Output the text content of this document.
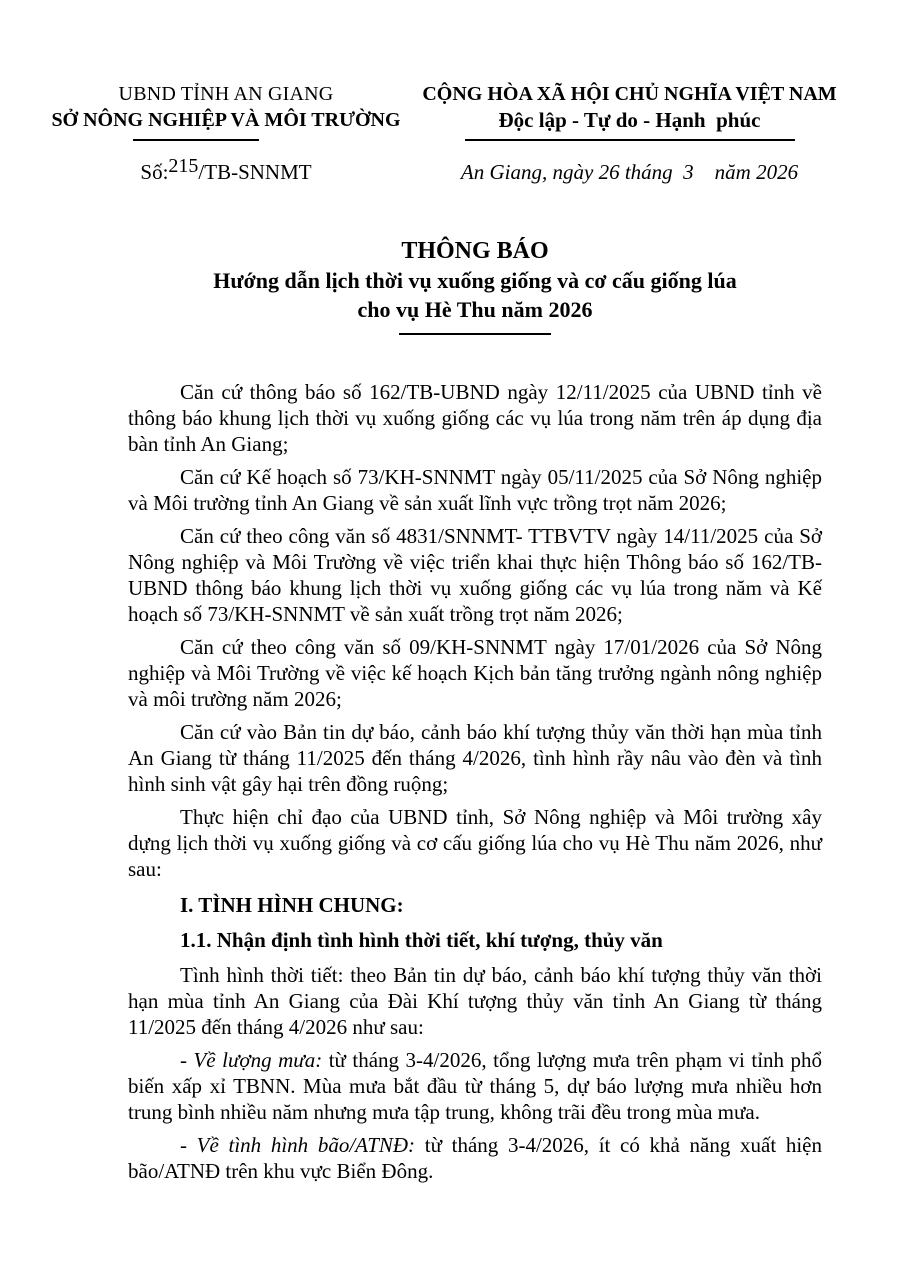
UBND TỈNH AN GIANG
SỞ NÔNG NGHIỆP VÀ MÔI TRƯỜNG
CỘNG HÒA XÃ HỘI CHỦ NGHĨA VIỆT NAM
Độc lập - Tự do - Hạnh  phúc
Số:215/TB-SNNMT	An Giang, ngày 26 tháng  3    năm 2026
THÔNG BÁO
Hướng dẫn lịch thời vụ xuống giống và cơ cấu giống lúa
cho vụ Hè Thu năm 2026

Căn cứ thông báo số 162/TB-UBND ngày 12/11/2025 của UBND tỉnh về thông báo khung lịch thời vụ xuống giống các vụ lúa trong năm trên áp dụng địa bàn tỉnh An Giang;

Căn cứ Kế hoạch số 73/KH-SNNMT ngày 05/11/2025 của Sở Nông nghiệp và Môi trường tỉnh An Giang về sản xuất lĩnh vực trồng trọt năm 2026;

Căn cứ theo công văn số 4831/SNNMT- TTBVTV ngày 14/11/2025 của Sở Nông nghiệp và Môi Trường về việc triển khai thực hiện Thông báo số 162/TB-UBND thông báo khung lịch thời vụ xuống giống các vụ lúa trong năm và Kế hoạch số 73/KH-SNNMT về sản xuất trồng trọt năm 2026;

Căn cứ theo công văn số 09/KH-SNNMT ngày 17/01/2026 của Sở Nông nghiệp và Môi Trường về việc kế hoạch Kịch bản tăng trưởng ngành nông nghiệp và môi trường năm 2026;

Căn cứ vào Bản tin dự báo, cảnh báo khí tượng thủy văn thời hạn mùa tỉnh An Giang từ tháng 11/2025 đến tháng 4/2026, tình hình rầy nâu vào đèn và tình hình sinh vật gây hại trên đồng ruộng;

Thực hiện chỉ đạo của UBND tỉnh, Sở Nông nghiệp và Môi trường xây dựng lịch thời vụ xuống giống và cơ cấu giống lúa cho vụ Hè Thu năm 2026, như sau:

I. TÌNH HÌNH CHUNG:
1.1. Nhận định tình hình thời tiết, khí tượng, thủy văn

Tình hình thời tiết: theo Bản tin dự báo, cảnh báo khí tượng thủy văn thời hạn mùa tỉnh An Giang của Đài Khí tượng thủy văn tỉnh An Giang từ tháng 11/2025 đến tháng 4/2026 như sau:

- Về lượng mưa: từ tháng 3-4/2026, tổng lượng mưa trên phạm vi tỉnh phổ biến xấp xỉ TBNN. Mùa mưa bắt đầu từ tháng 5, dự báo lượng mưa nhiều hơn trung bình nhiều năm nhưng mưa tập trung, không trãi đều trong mùa mưa.

- Về tình hình bão/ATNĐ: từ tháng 3-4/2026, ít có khả năng xuất hiện bão/ATNĐ trên khu vực Biển Đông.
